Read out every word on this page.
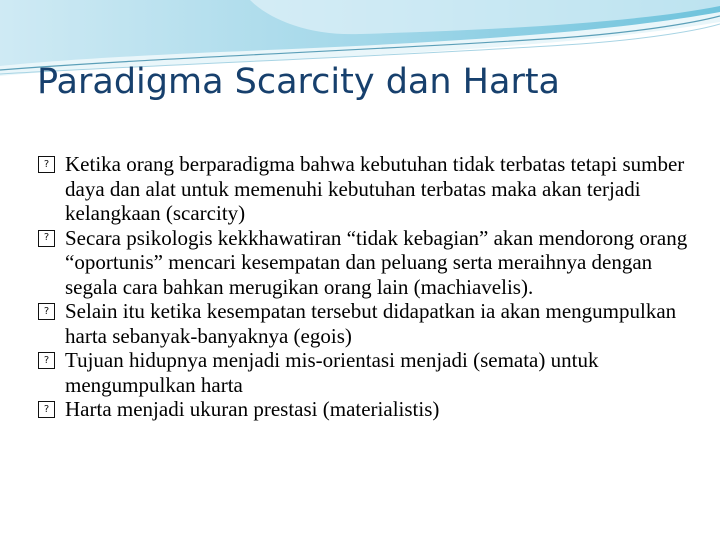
Paradigma Scarcity dan Harta
? Ketika orang berparadigma bahwa kebutuhan tidak terbatas tetapi sumber daya dan alat untuk memenuhi kebutuhan terbatas maka akan terjadi kelangkaan (scarcity)
? Secara psikologis kekkhawatiran “tidak kebagian” akan mendorong orang “oportunis” mencari kesempatan dan peluang serta meraihnya dengan segala cara bahkan merugikan orang lain (machiavelis).
? Selain itu ketika kesempatan tersebut didapatkan ia akan mengumpulkan harta sebanyak-banyaknya (egois)
? Tujuan hidupnya menjadi mis-orientasi menjadi (semata) untuk mengumpulkan harta
? Harta menjadi ukuran prestasi (materialistis)
